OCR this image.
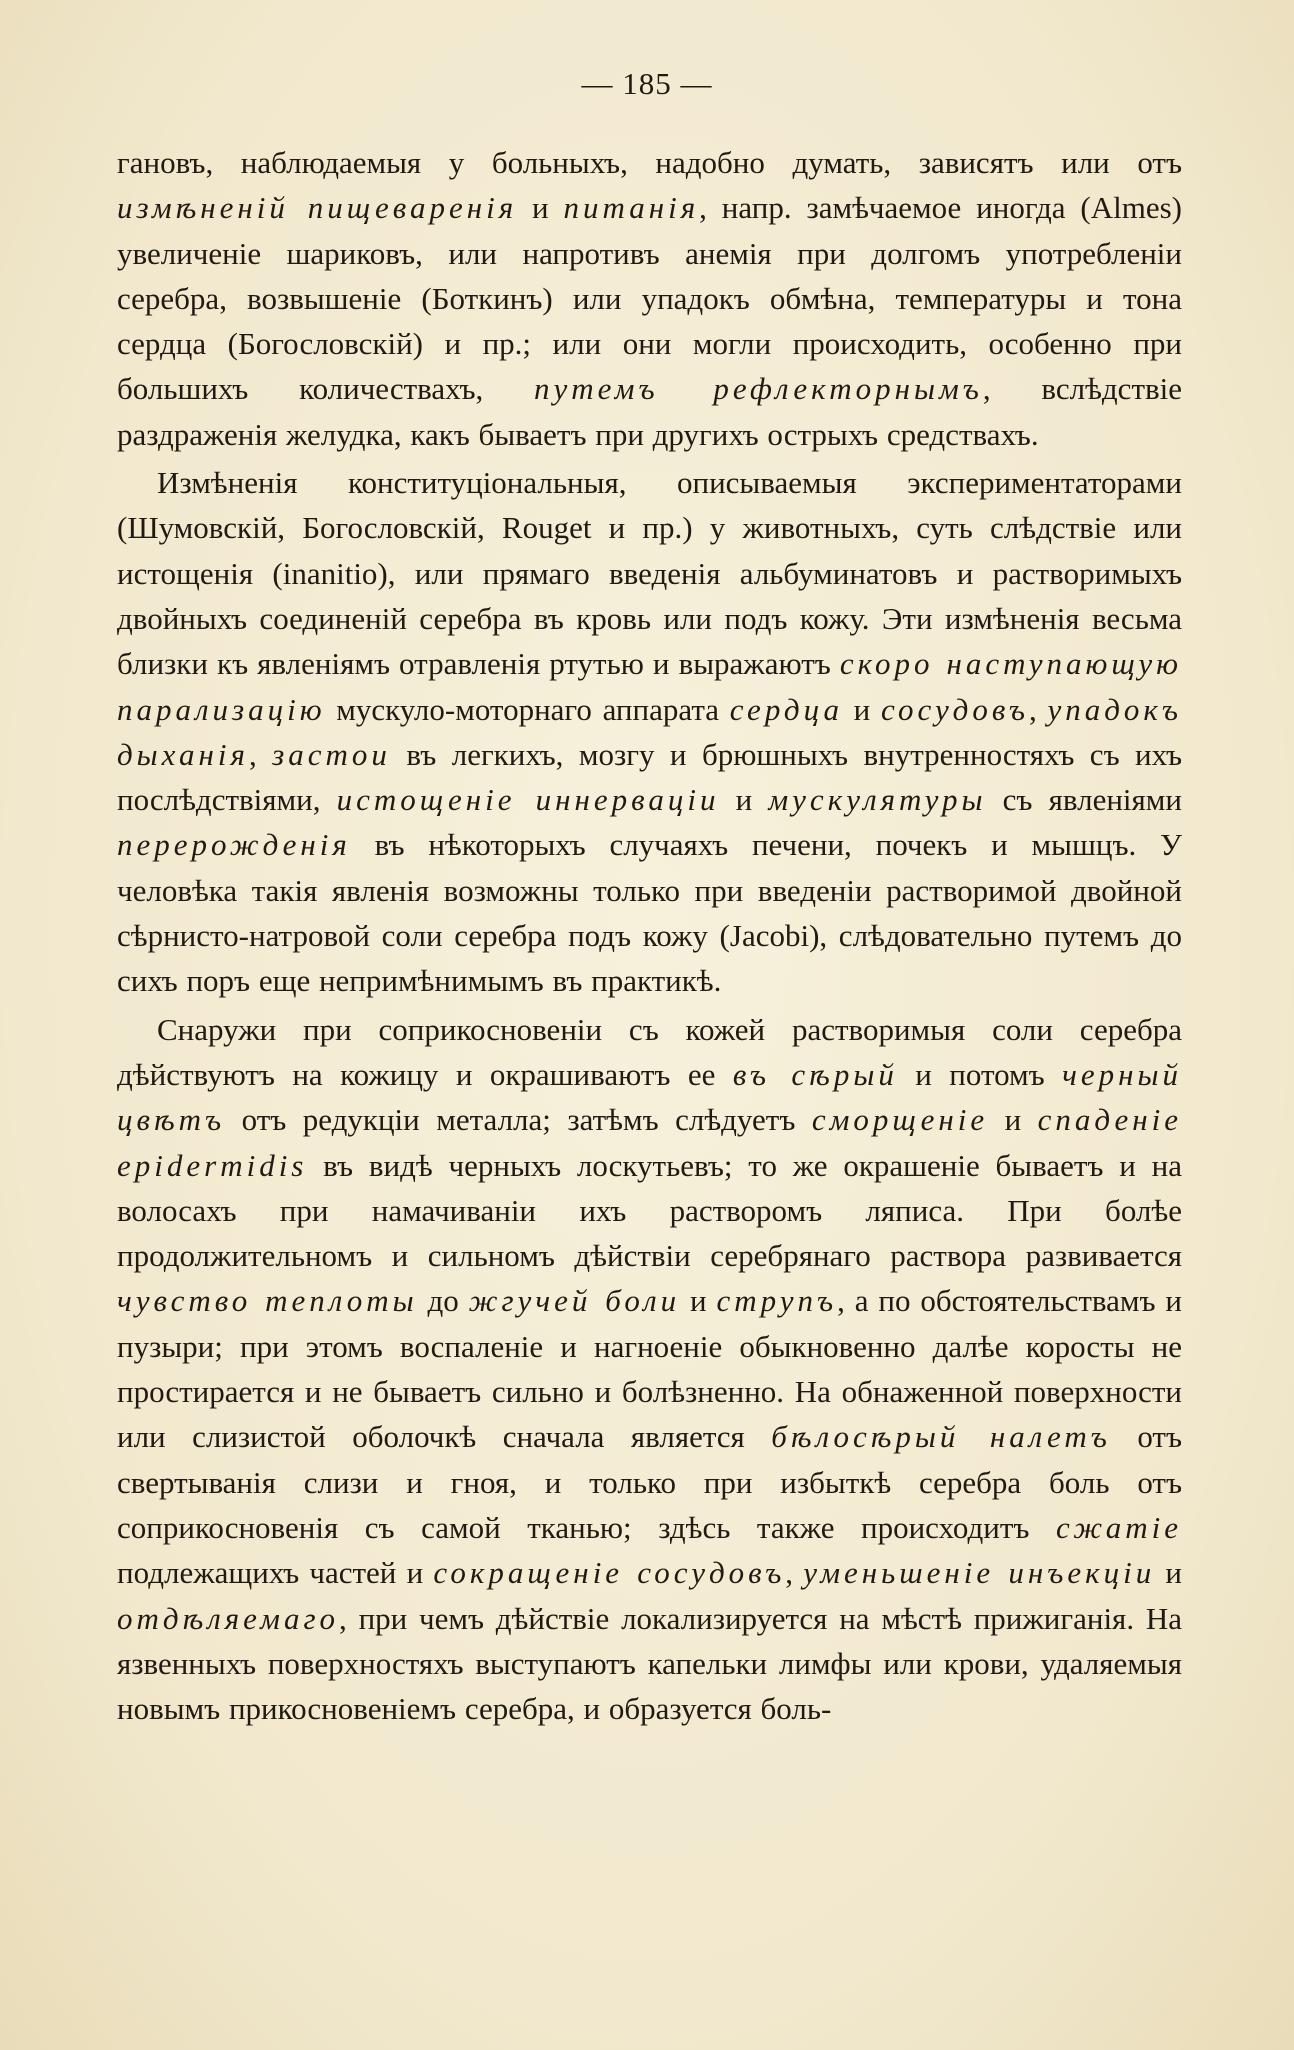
— 185 —

гановъ, наблюдаемыя у больныхъ, надобно думать, зависятъ или отъ измѣненій пищеваренія и питанія, напр. замѣчаемое иногда (Almes) увеличеніе шариковъ, или напротивъ анемія при долгомъ употребленіи серебра, возвышеніе (Боткинъ) или упадокъ обмѣна, температуры и тона сердца (Богословскій) и пр.; или они могли происходить, особенно при большихъ количествахъ, путемъ рефлекторнымъ, вслѣдствіе раздраженія желудка, какъ бываетъ при другихъ острыхъ средствахъ.

Измѣненія конституціональныя, описываемыя экспериментаторами (Шумовскій, Богословскій, Rouget и пр.) у животныхъ, суть слѣдствіе или истощенія (inanitio), или прямаго введенія альбуминатовъ и растворимыхъ двойныхъ соединеній серебра въ кровь или подъ кожу. Эти измѣненія весьма близки къ явленіямъ отравленія ртутью и выражаютъ скоро наступающую парализацію мускуло-моторнаго аппарата сердца и сосудовъ, упадокъ дыханія, застои въ легкихъ, мозгу и брюшныхъ внутренностяхъ съ ихъ послѣдствіями, истощеніе иннерваціи и мускулятуры съ явленіями перерожденія въ нѣкоторыхъ случаяхъ печени, почекъ и мышцъ. У человѣка такія явленія возможны только при введеніи растворимой двойной сѣрнисто-натровой соли серебра подъ кожу (Jacobi), слѣдовательно путемъ до сихъ поръ еще непримѣнимымъ въ практикѣ.

Снаружи при соприкосновеніи съ кожей растворимыя соли серебра дѣйствуютъ на кожицу и окрашиваютъ ее въ сѣрый и потомъ черный цвѣтъ отъ редукціи металла; затѣмъ слѣдуетъ сморщеніе и спаденіе epidermidis въ видѣ черныхъ лоскутьевъ; то же окрашеніе бываетъ и на волосахъ при намачиваніи ихъ растворомъ ляписа. При болѣе продолжительномъ и сильномъ дѣйствіи серебрянаго раствора развивается чувство теплоты до жгучей боли и струпъ, а по обстоятельствамъ и пузыри; при этомъ воспаленіе и нагноеніе обыкновенно далѣе коросты не простирается и не бываетъ сильно и болѣзненно. На обнаженной поверхности или слизистой оболочкѣ сначала является бѣлосѣрый налетъ отъ свертыванія слизи и гноя, и только при избыткѣ серебра боль отъ соприкосновенія съ самой тканью; здѣсь также происходитъ сжатіе подлежащихъ частей и сокращеніе сосудовъ, уменьшеніе инъекціи и отдѣляемаго, при чемъ дѣйствіе локализируется на мѣстѣ прижиганія. На язвенныхъ поверхностяхъ выступаютъ капельки лимфы или крови, удаляемыя новымъ прикосновеніемъ серебра, и образуется боль-
